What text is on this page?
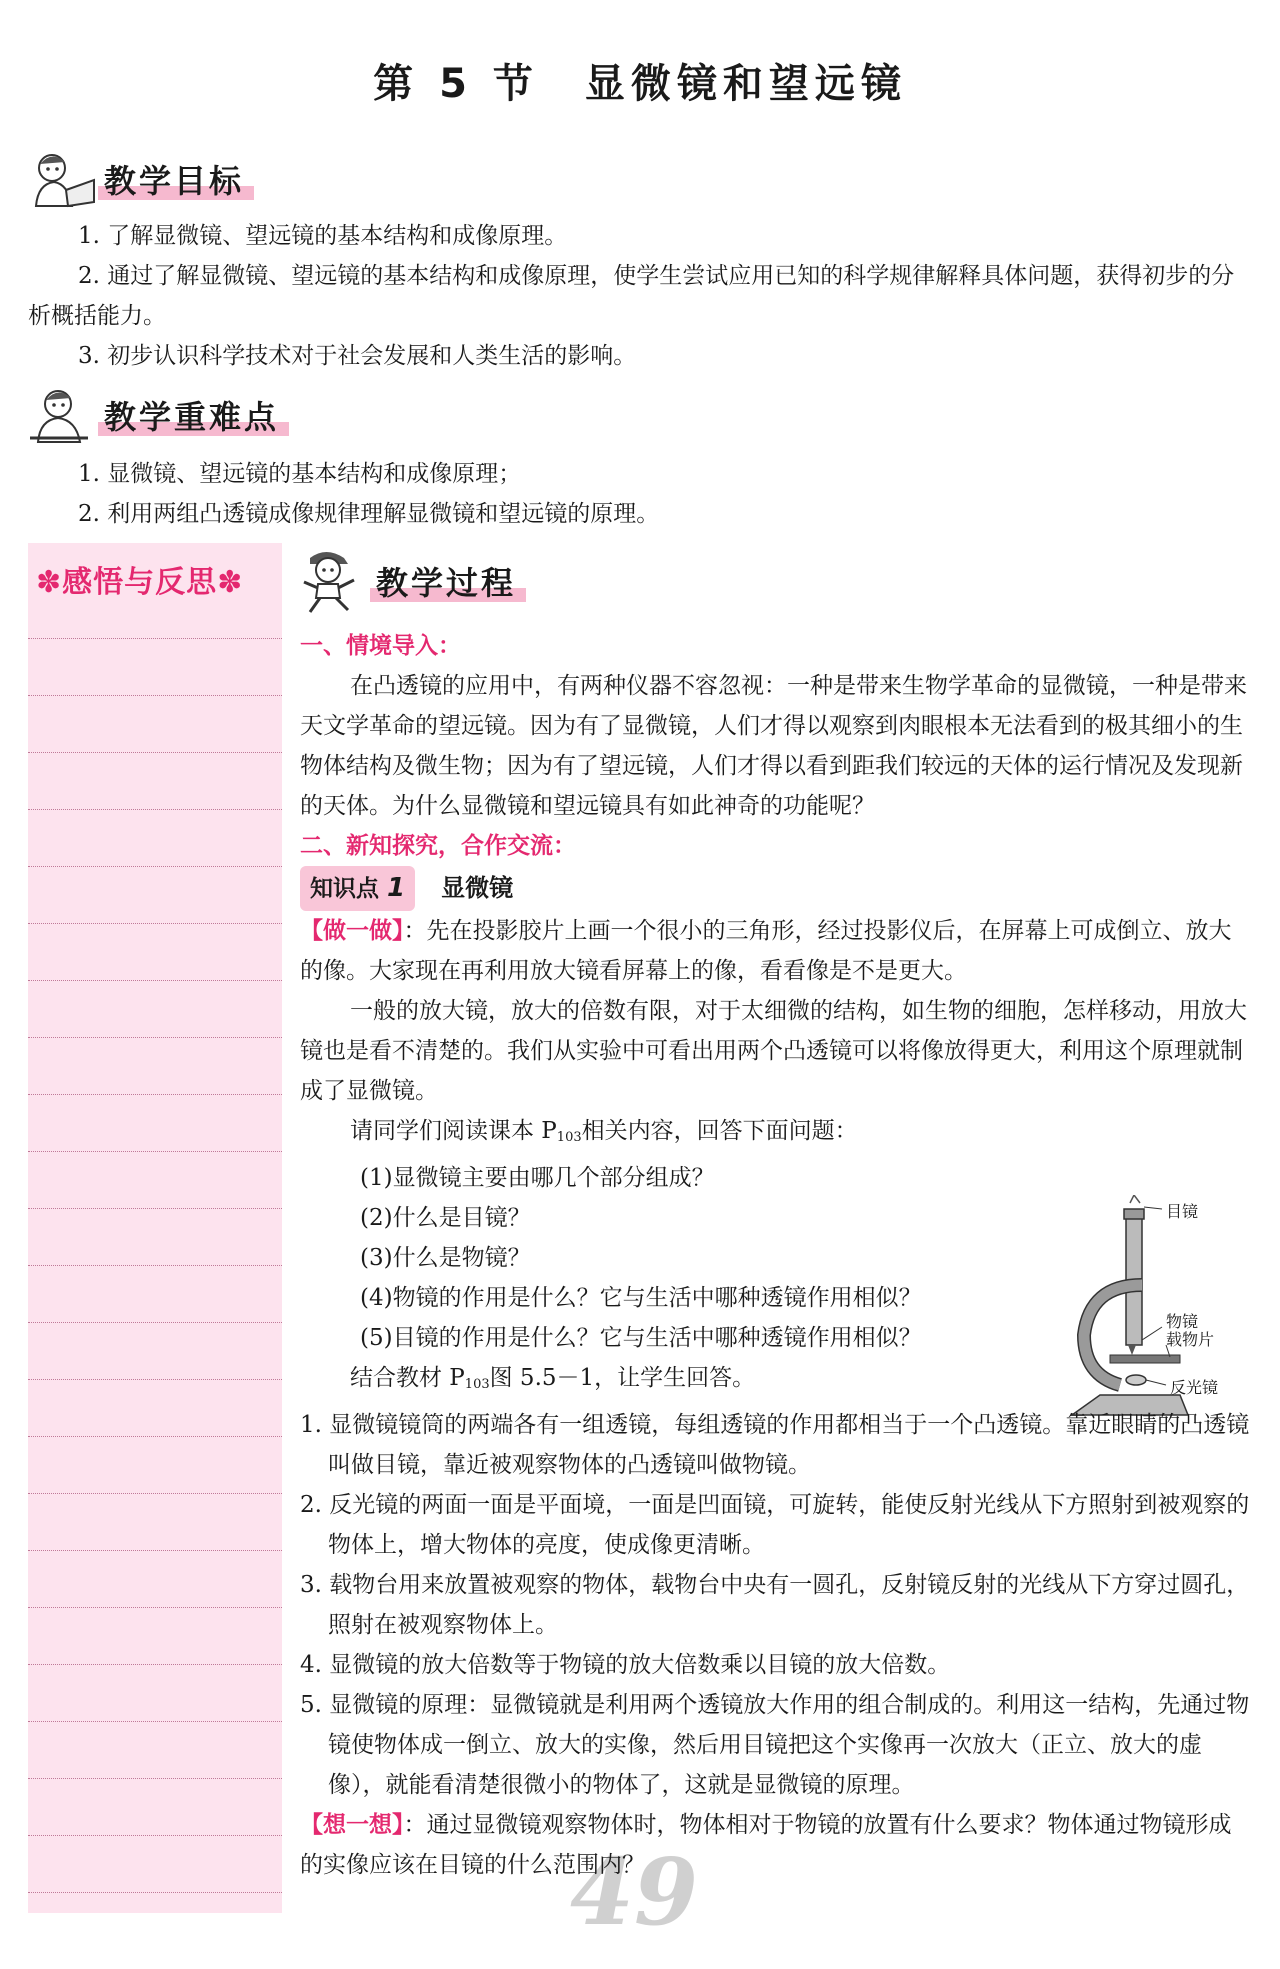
第 5 节　显微镜和望远镜
教学目标
1. 了解显微镜、望远镜的基本结构和成像原理。
2. 通过了解显微镜、望远镜的基本结构和成像原理，使学生尝试应用已知的科学规律解释具体问题，获得初步的分析概括能力。
3. 初步认识科学技术对于社会发展和人类生活的影响。
教学重难点
1. 显微镜、望远镜的基本结构和成像原理；
2. 利用两组凸透镜成像规律理解显微镜和望远镜的原理。
✽感悟与反思✽	教学过程
49
一、情境导入：
在凸透镜的应用中，有两种仪器不容忽视：一种是带来生物学革命的显微镜，一种是带来天文学革命的望远镜。因为有了显微镜，人们才得以观察到肉眼根本无法看到的极其细小的生物体结构及微生物；因为有了望远镜，人们才得以看到距我们较远的天体的运行情况及发现新的天体。为什么显微镜和望远镜具有如此神奇的功能呢？
二、新知探究，合作交流：
知识点 1 显微镜
【做一做】：先在投影胶片上画一个很小的三角形，经过投影仪后，在屏幕上可成倒立、放大的像。大家现在再利用放大镜看屏幕上的像，看看像是不是更大。
一般的放大镜，放大的倍数有限，对于太细微的结构，如生物的细胞，怎样移动，用放大镜也是看不清楚的。我们从实验中可看出用两个凸透镜可以将像放得更大，利用这个原理就制成了显微镜。
请同学们阅读课本 $P_{103}$相关内容，回答下面问题：
(1)显微镜主要由哪几个部分组成？
(2)什么是目镜？
(3)什么是物镜？
(4)物镜的作用是什么？它与生活中哪种透镜作用相似？
(5)目镜的作用是什么？它与生活中哪种透镜作用相似？
结合教材 $P_{103}$图 5.5－1，让学生回答。
1. 显微镜镜筒的两端各有一组透镜，每组透镜的作用都相当于一个凸透镜。靠近眼睛的凸透镜叫做目镜，靠近被观察物体的凸透镜叫做物镜。
2. 反光镜的两面一面是平面境，一面是凹面镜，可旋转，能使反射光线从下方照射到被观察的物体上，增大物体的亮度，使成像更清晰。
3. 载物台用来放置被观察的物体，载物台中央有一圆孔，反射镜反射的光线从下方穿过圆孔，照射在被观察物体上。
4. 显微镜的放大倍数等于物镜的放大倍数乘以目镜的放大倍数。
5. 显微镜的原理：显微镜就是利用两个透镜放大作用的组合制成的。利用这一结构，先通过物镜使物体成一倒立、放大的实像，然后用目镜把这个实像再一次放大（正立、放大的虚像），就能看清楚很微小的物体了，这就是显微镜的原理。
【想一想】：通过显微镜观察物体时，物体相对于物镜的放置有什么要求？物体通过物镜形成的实像应该在目镜的什么范围内？
目镜
物镜
载物片
反光镜
